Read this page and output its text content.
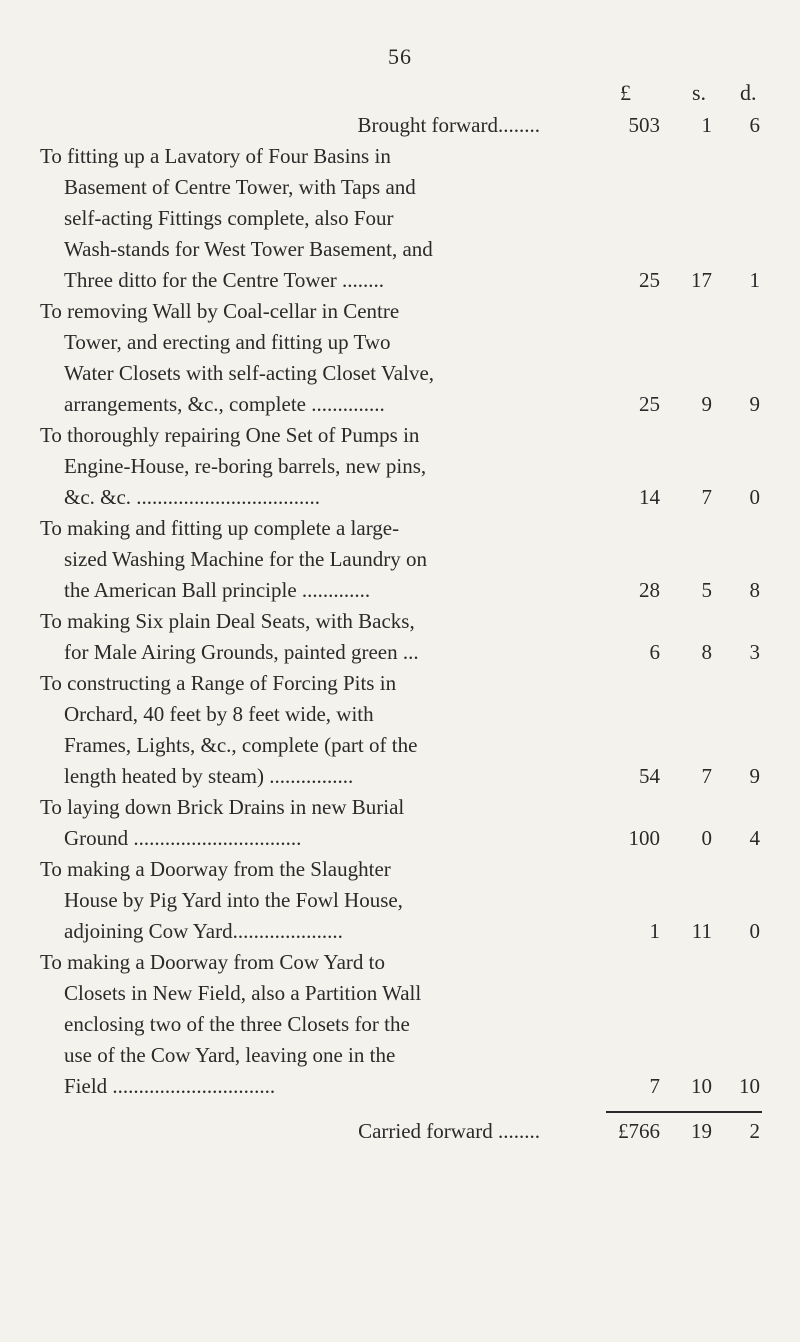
56
£	s. d.
Brought forward........	503	1	6
To fitting up a Lavatory of Four Basins in
Basement of Centre Tower, with Taps and
self-acting Fittings complete, also Four
Wash-stands for West Tower Basement, and
Three ditto for the Centre Tower ........	25	17	1
To removing Wall by Coal-cellar in Centre
Tower, and erecting and fitting up Two
Water Closets with self-acting Closet Valve,
arrangements, &c., complete ..............	25	9	9
To thoroughly repairing One Set of Pumps in
Engine-House, re-boring barrels, new pins,
&c. &c. ...................................	14	7	0
To making and fitting up complete a large-
sized Washing Machine for the Laundry on
the American Ball principle .............	28	5	8
To making Six plain Deal Seats, with Backs,
for Male Airing Grounds, painted green ...	6	8	3
To constructing a Range of Forcing Pits in
Orchard, 40 feet by 8 feet wide, with
Frames, Lights, &c., complete (part of the
length heated by steam) ................	54	7	9
To laying down Brick Drains in new Burial
Ground ................................	100	0	4
To making a Doorway from the Slaughter
House by Pig Yard into the Fowl House,
adjoining Cow Yard.....................	1	11	0
To making a Doorway from Cow Yard to
Closets in New Field, also a Partition Wall
enclosing two of the three Closets for the
use of the Cow Yard, leaving one in the
Field ...............................	7	10	10
Carried forward ........	£766	19	2
